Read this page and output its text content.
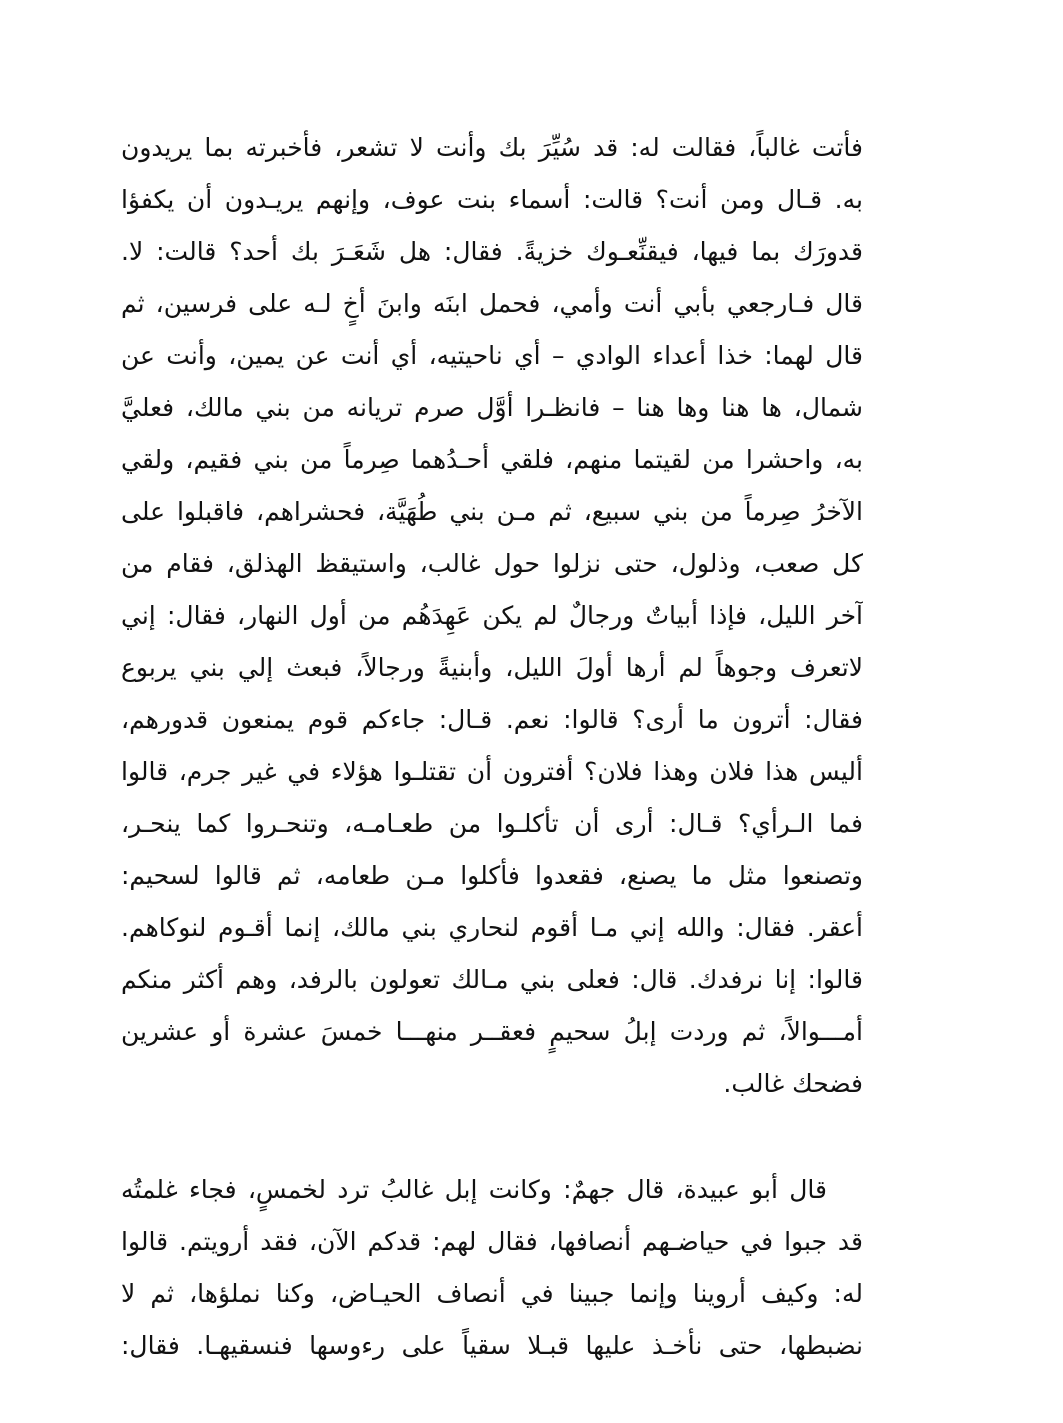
فأتت غالباً، فقالت له: قد سُيِّرَ بك وأنت لا تشعر، فأخبرته بما يريدون
به. قـال ومن أنت؟ قالت: أسماء بنت عوف، وإنهم يريـدون أن يكفؤا
قدورَك بما فيها، فيقنِّعـوك خزيةً. فقال: هل شَعَـرَ بك أحد؟ قالت: لا.
قال فـارجعي بأبي أنت وأمي، فحمل ابنَه وابنَ أخٍ لـه على فرسين، ثم
قال لهما: خذا أعداء الوادي – أي ناحيتيه، أي أنت عن يمين، وأنت عن
شمال، ها هنا وها هنا – فانظـرا أوَّل صرم تريانه من بني مالك، فعليَّ
به، واحشرا من لقيتما منهم، فلقي أحـدُهما صِرماً من بني فقيم، ولقي
الآخرُ صِرماً من بني سبيع، ثم مـن بني طُهَيَّة، فحشراهم، فاقبلوا على
كل صعب، وذلول، حتى نزلوا حول غالب، واستيقظ الهذلق، فقام من
آخر الليل، فإذا أبياتٌ ورجالٌ لم يكن عَهِدَهُم من أول النهار، فقال: إني
لاتعرف وجوهاً لم أرها أولَ الليل، وأبنيةً ورجالاً، فبعث إلي بني يربوع
فقال: أترون ما أرى؟ قالوا: نعم. قـال: جاءكم قوم يمنعون قدورهم،
أليس هذا فلان وهذا فلان؟ أفترون أن تقتلـوا هؤلاء في غير جرم، قالوا
فما الـرأي؟ قـال: أرى أن تأكلـوا من طعـامـه، وتنحـروا كما ينحـر،
وتصنعوا مثل ما يصنع، فقعدوا فأكلوا مـن طعامه، ثم قالوا لسحيم:
أعقر. فقال: والله إني مـا أقوم لنحاري بني مالك، إنما أقـوم لنوكاهم.
قالوا: إنا نرفدك. قال: فعلى بني مـالك تعولون بالرفد، وهم أكثر منكم
أمـــوالاً، ثم وردت إبلُ سحيمٍ فعقــر منهـــا خمسَ عشرة أو عشرين
فضحك غالب.
قال أبو عبيدة، قال جهمٌ: وكانت إبل غالبُ ترد لخمسٍ، فجاء غلمتُه
قد جبوا في حياضـهم أنصافها، فقال لهم: قدكم الآن، فقد أرويتم. قالوا
له: وكيف أروينا وإنما جبينا في أنصاف الحيـاض، وكنا نملؤها، ثم لا
نضبطها، حتى نأخـذ عليها قبـلا سقياً على رءوسها فنسقيهـا. فقال:
